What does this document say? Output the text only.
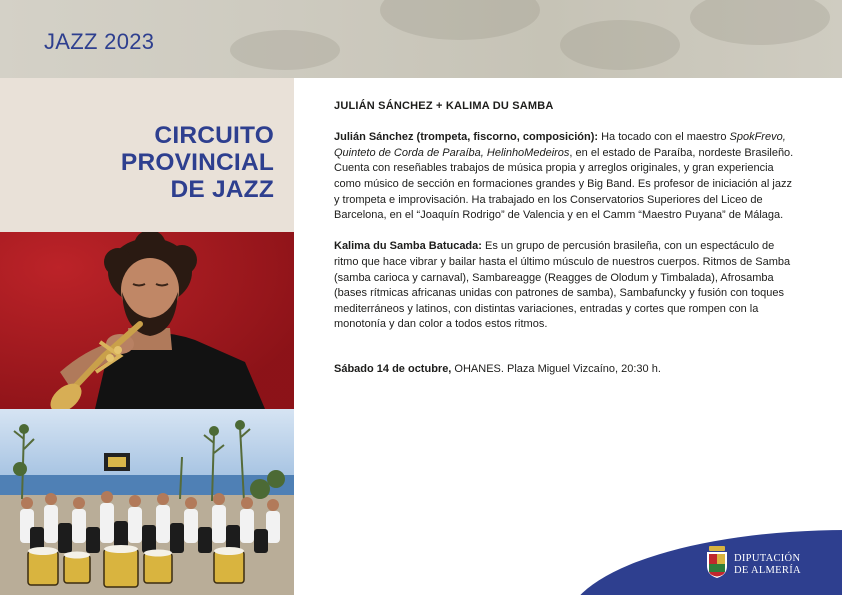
JAZZ 2023
CIRCUITO
PROVINCIAL
DE JAZZ

JULIÁN SÁNCHEZ + KALIMA DU SAMBA

Julián Sánchez (trompeta, fiscorno, composición): Ha tocado con el maestro SpokFrevo, Quinteto de Corda de Paraíba, HelinhoMedeiros, en el estado de Paraíba, nordeste Brasileño. Cuenta con reseñables trabajos de música propia y arreglos originales, y gran experiencia como músico de sección en formaciones grandes y Big Band. Es profesor de iniciación al jazz y trompeta e improvisación. Ha trabajado en los Conservatorios Superiores del Liceo de Barcelona, en el “Joaquín Rodrigo” de Valencia y en el Camm “Maestro Puyana” de Málaga.

Kalima du Samba Batucada: Es un grupo de percusión brasileña, con un espectáculo de ritmo que hace vibrar y bailar hasta el último músculo de nuestros cuerpos. Ritmos de Samba (samba carioca y carnaval), Sambareagge (Reagges de Olodum y Timbalada), Afrosamba (bases rítmicas africanas unidas con patrones de samba), Sambafuncky y fusión con toques mediterráneos y latinos, con distintas variaciones, entradas y cortes que rompen con la monotonía y dan color a todos estos ritmos.

Sábado 14 de octubre, OHANES. Plaza Miguel Vizcaíno, 20:30 h.

DIPUTACIÓN
DE ALMERÍA
